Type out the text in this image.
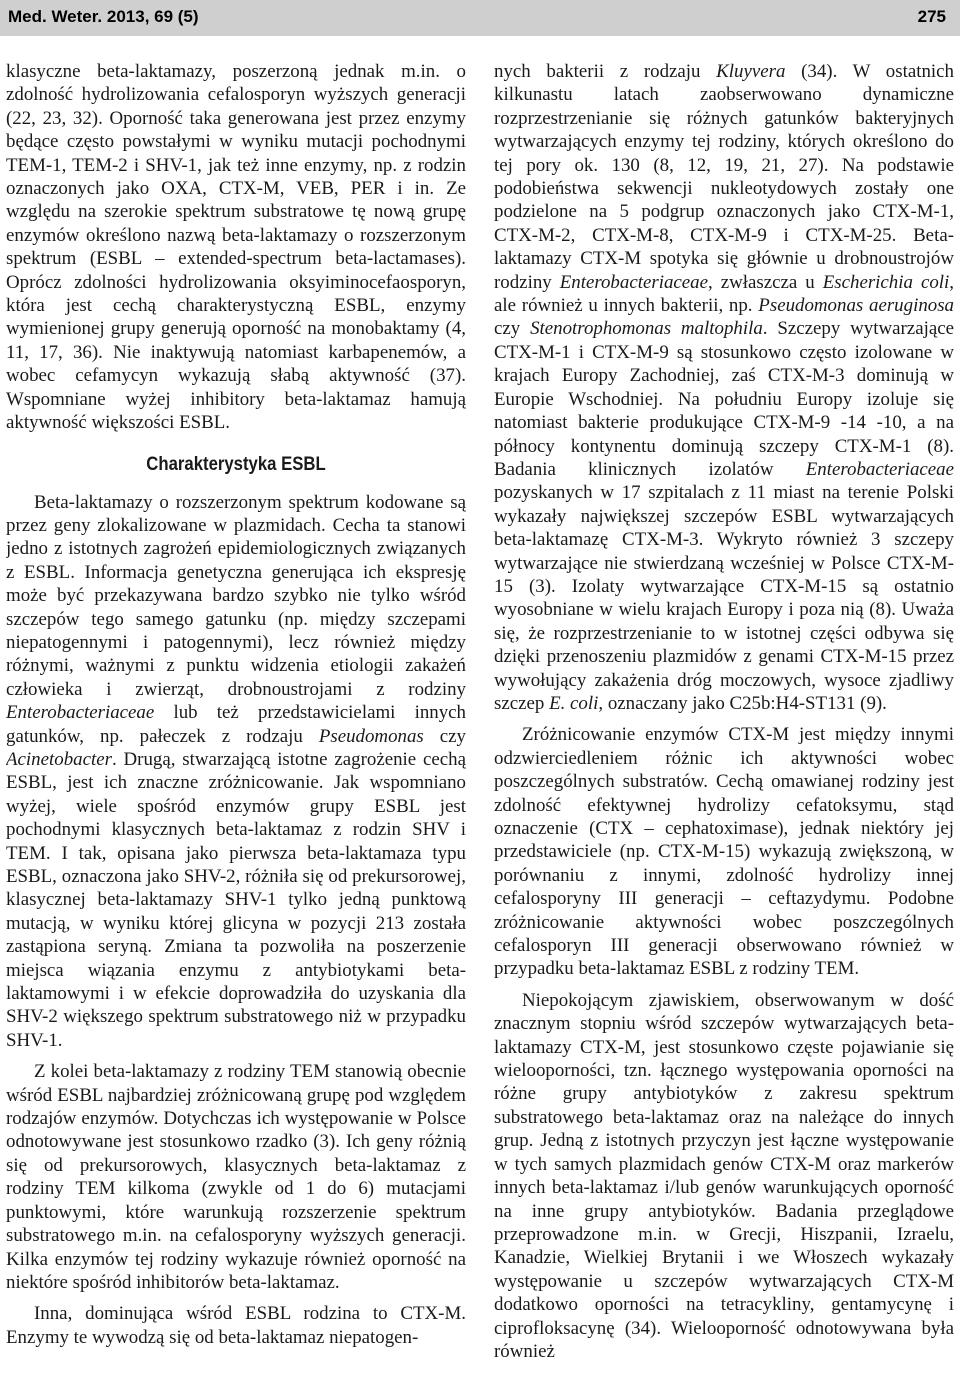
Med. Weter. 2013, 69 (5)	275

klasyczne beta-laktamazy, poszerzoną jednak m.in. o zdolność hydrolizowania cefalosporyn wyższych generacji (22, 23, 32). Oporność taka generowana jest przez enzymy będące często powstałymi w wyniku mutacji pochodnymi TEM-1, TEM-2 i SHV-1, jak też inne enzymy, np. z rodzin oznaczonych jako OXA, CTX-M, VEB, PER i in. Ze względu na szerokie spektrum substratowe tę nową grupę enzymów określono nazwą beta-laktamazy o rozszerzonym spektrum (ESBL – extended-spectrum beta-lactamases). Oprócz zdolności hydrolizowania oksyiminocefaosporyn, która jest cechą charakterystyczną ESBL, enzymy wymienionej grupy generują oporność na monobaktamy (4, 11, 17, 36). Nie inaktywują natomiast karbapenemów, a wobec cefamycyn wykazują słabą aktywność (37). Wspomniane wyżej inhibitory beta-laktamaz hamują aktywność większości ESBL.

Charakterystyka ESBL

Beta-laktamazy o rozszerzonym spektrum kodowane są przez geny zlokalizowane w plazmidach. Cecha ta stanowi jedno z istotnych zagrożeń epidemiologicznych związanych z ESBL. Informacja genetyczna generująca ich ekspresję może być przekazywana bardzo szybko nie tylko wśród szczepów tego samego gatunku (np. między szczepami niepatogennymi i patogennymi), lecz również między różnymi, ważnymi z punktu widzenia etiologii zakażeń człowieka i zwierząt, drobnoustrojami z rodziny Enterobacteriaceae lub też przedstawicielami innych gatunków, np. pałeczek z rodzaju Pseudomonas czy Acinetobacter. Drugą, stwarzającą istotne zagrożenie cechą ESBL, jest ich znaczne zróżnicowanie. Jak wspomniano wyżej, wiele spośród enzymów grupy ESBL jest pochodnymi klasycznych beta-laktamaz z rodzin SHV i TEM. I tak, opisana jako pierwsza beta-laktamaza typu ESBL, oznaczona jako SHV-2, różniła się od prekursorowej, klasycznej beta-laktamazy SHV-1 tylko jedną punktową mutacją, w wyniku której glicyna w pozycji 213 została zastąpiona seryną. Zmiana ta pozwoliła na poszerzenie miejsca wiązania enzymu z antybiotykami beta-laktamowymi i w efekcie doprowadziła do uzyskania dla SHV-2 większego spektrum substratowego niż w przypadku SHV-1.

Z kolei beta-laktamazy z rodziny TEM stanowią obecnie wśród ESBL najbardziej zróżnicowaną grupę pod względem rodzajów enzymów. Dotychczas ich występowanie w Polsce odnotowywane jest stosunkowo rzadko (3). Ich geny różnią się od prekursorowych, klasycznych beta-laktamaz z rodziny TEM kilkoma (zwykle od 1 do 6) mutacjami punktowymi, które warunkują rozszerzenie spektrum substratowego m.in. na cefalosporyny wyższych generacji. Kilka enzymów tej rodziny wykazuje również oporność na niektóre spośród inhibitorów beta-laktamaz.

Inna, dominująca wśród ESBL rodzina to CTX-M. Enzymy te wywodzą się od beta-laktamaz niepatogen-

nych bakterii z rodzaju Kluyvera (34). W ostatnich kilkunastu latach zaobserwowano dynamiczne rozprzestrzenianie się różnych gatunków bakteryjnych wytwarzających enzymy tej rodziny, których określono do tej pory ok. 130 (8, 12, 19, 21, 27). Na podstawie podobieństwa sekwencji nukleotydowych zostały one podzielone na 5 podgrup oznaczonych jako CTX-M-1, CTX-M-2, CTX-M-8, CTX-M-9 i CTX-M-25. Beta-laktamazy CTX-M spotyka się głównie u drobnoustrojów rodziny Enterobacteriaceae, zwłaszcza u Escherichia coli, ale również u innych bakterii, np. Pseudomonas aeruginosa czy Stenotrophomonas maltophila. Szczepy wytwarzające CTX-M-1 i CTX-M-9 są stosunkowo często izolowane w krajach Europy Zachodniej, zaś CTX-M-3 dominują w Europie Wschodniej. Na południu Europy izoluje się natomiast bakterie produkujące CTX-M-9 -14 -10, a na północy kontynentu dominują szczepy CTX-M-1 (8). Badania klinicznych izolatów Enterobacteriaceae pozyskanych w 17 szpitalach z 11 miast na terenie Polski wykazały największej szczepów ESBL wytwarzających beta-laktamazę CTX-M-3. Wykryto również 3 szczepy wytwarzające nie stwierdzaną wcześniej w Polsce CTX-M-15 (3). Izolaty wytwarzające CTX-M-15 są ostatnio wyosobniane w wielu krajach Europy i poza nią (8). Uważa się, że rozprzestrzenianie to w istotnej części odbywa się dzięki przenoszeniu plazmidów z genami CTX-M-15 przez wywołujący zakażenia dróg moczowych, wysoce zjadliwy szczep E. coli, oznaczany jako C25b:H4-ST131 (9).

Zróżnicowanie enzymów CTX-M jest między innymi odzwierciedleniem różnic ich aktywności wobec poszczególnych substratów. Cechą omawianej rodziny jest zdolność efektywnej hydrolizy cefatoksymu, stąd oznaczenie (CTX – cephatoximase), jednak niektóry jej przedstawiciele (np. CTX-M-15) wykazują zwiększoną, w porównaniu z innymi, zdolność hydrolizy innej cefalosporyny III generacji – ceftazydymu. Podobne zróżnicowanie aktywności wobec poszczególnych cefalosporyn III generacji obserwowano również w przypadku beta-laktamaz ESBL z rodziny TEM.

Niepokojącym zjawiskiem, obserwowanym w dość znacznym stopniu wśród szczepów wytwarzających beta-laktamazy CTX-M, jest stosunkowo częste pojawianie się wielooporności, tzn. łącznego występowania oporności na różne grupy antybiotyków z zakresu spektrum substratowego beta-laktamaz oraz na należące do innych grup. Jedną z istotnych przyczyn jest łączne występowanie w tych samych plazmidach genów CTX-M oraz markerów innych beta-laktamaz i/lub genów warunkujących oporność na inne grupy antybiotyków. Badania przeglądowe przeprowadzone m.in. w Grecji, Hiszpanii, Izraelu, Kanadzie, Wielkiej Brytanii i we Włoszech wykazały występowanie u szczepów wytwarzających CTX-M dodatkowo oporności na tetracykliny, gentamycynę i ciprofloksacynę (34). Wielooporność odnotowywana była również
